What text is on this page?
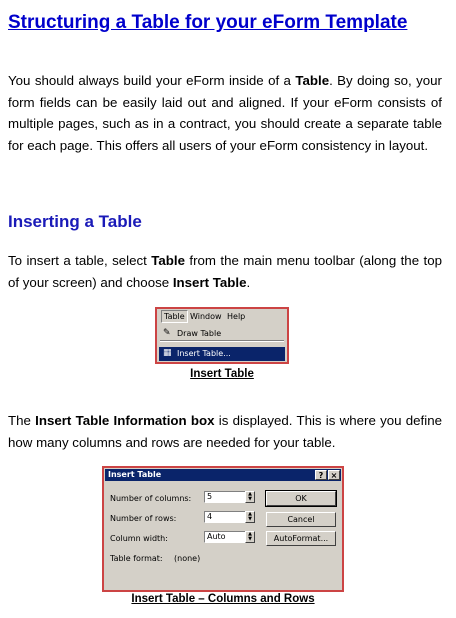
Structuring a Table for your eForm Template

You should always build your eForm inside of a Table. By doing so, your form fields can be easily laid out and aligned. If your eForm consists of multiple pages, such as in a contract, you should create a separate table for each page. This offers all users of your eForm consistency in layout.

Inserting a Table

To insert a table, select Table from the main menu toolbar (along the top of your screen) and choose Insert Table.

Table Window Help
✎ Draw Table
▦ Insert Table...
Insert Table

The Insert Table Information box is displayed. This is where you define how many columns and rows are needed for your table.

Insert Table	? ×
Number of columns:	5	▲
▼
Number of rows:	4	▲
▼
Column width:	Auto	▲
▼
Table format: (none)
OK
Cancel
AutoFormat...
Insert Table – Columns and Rows
